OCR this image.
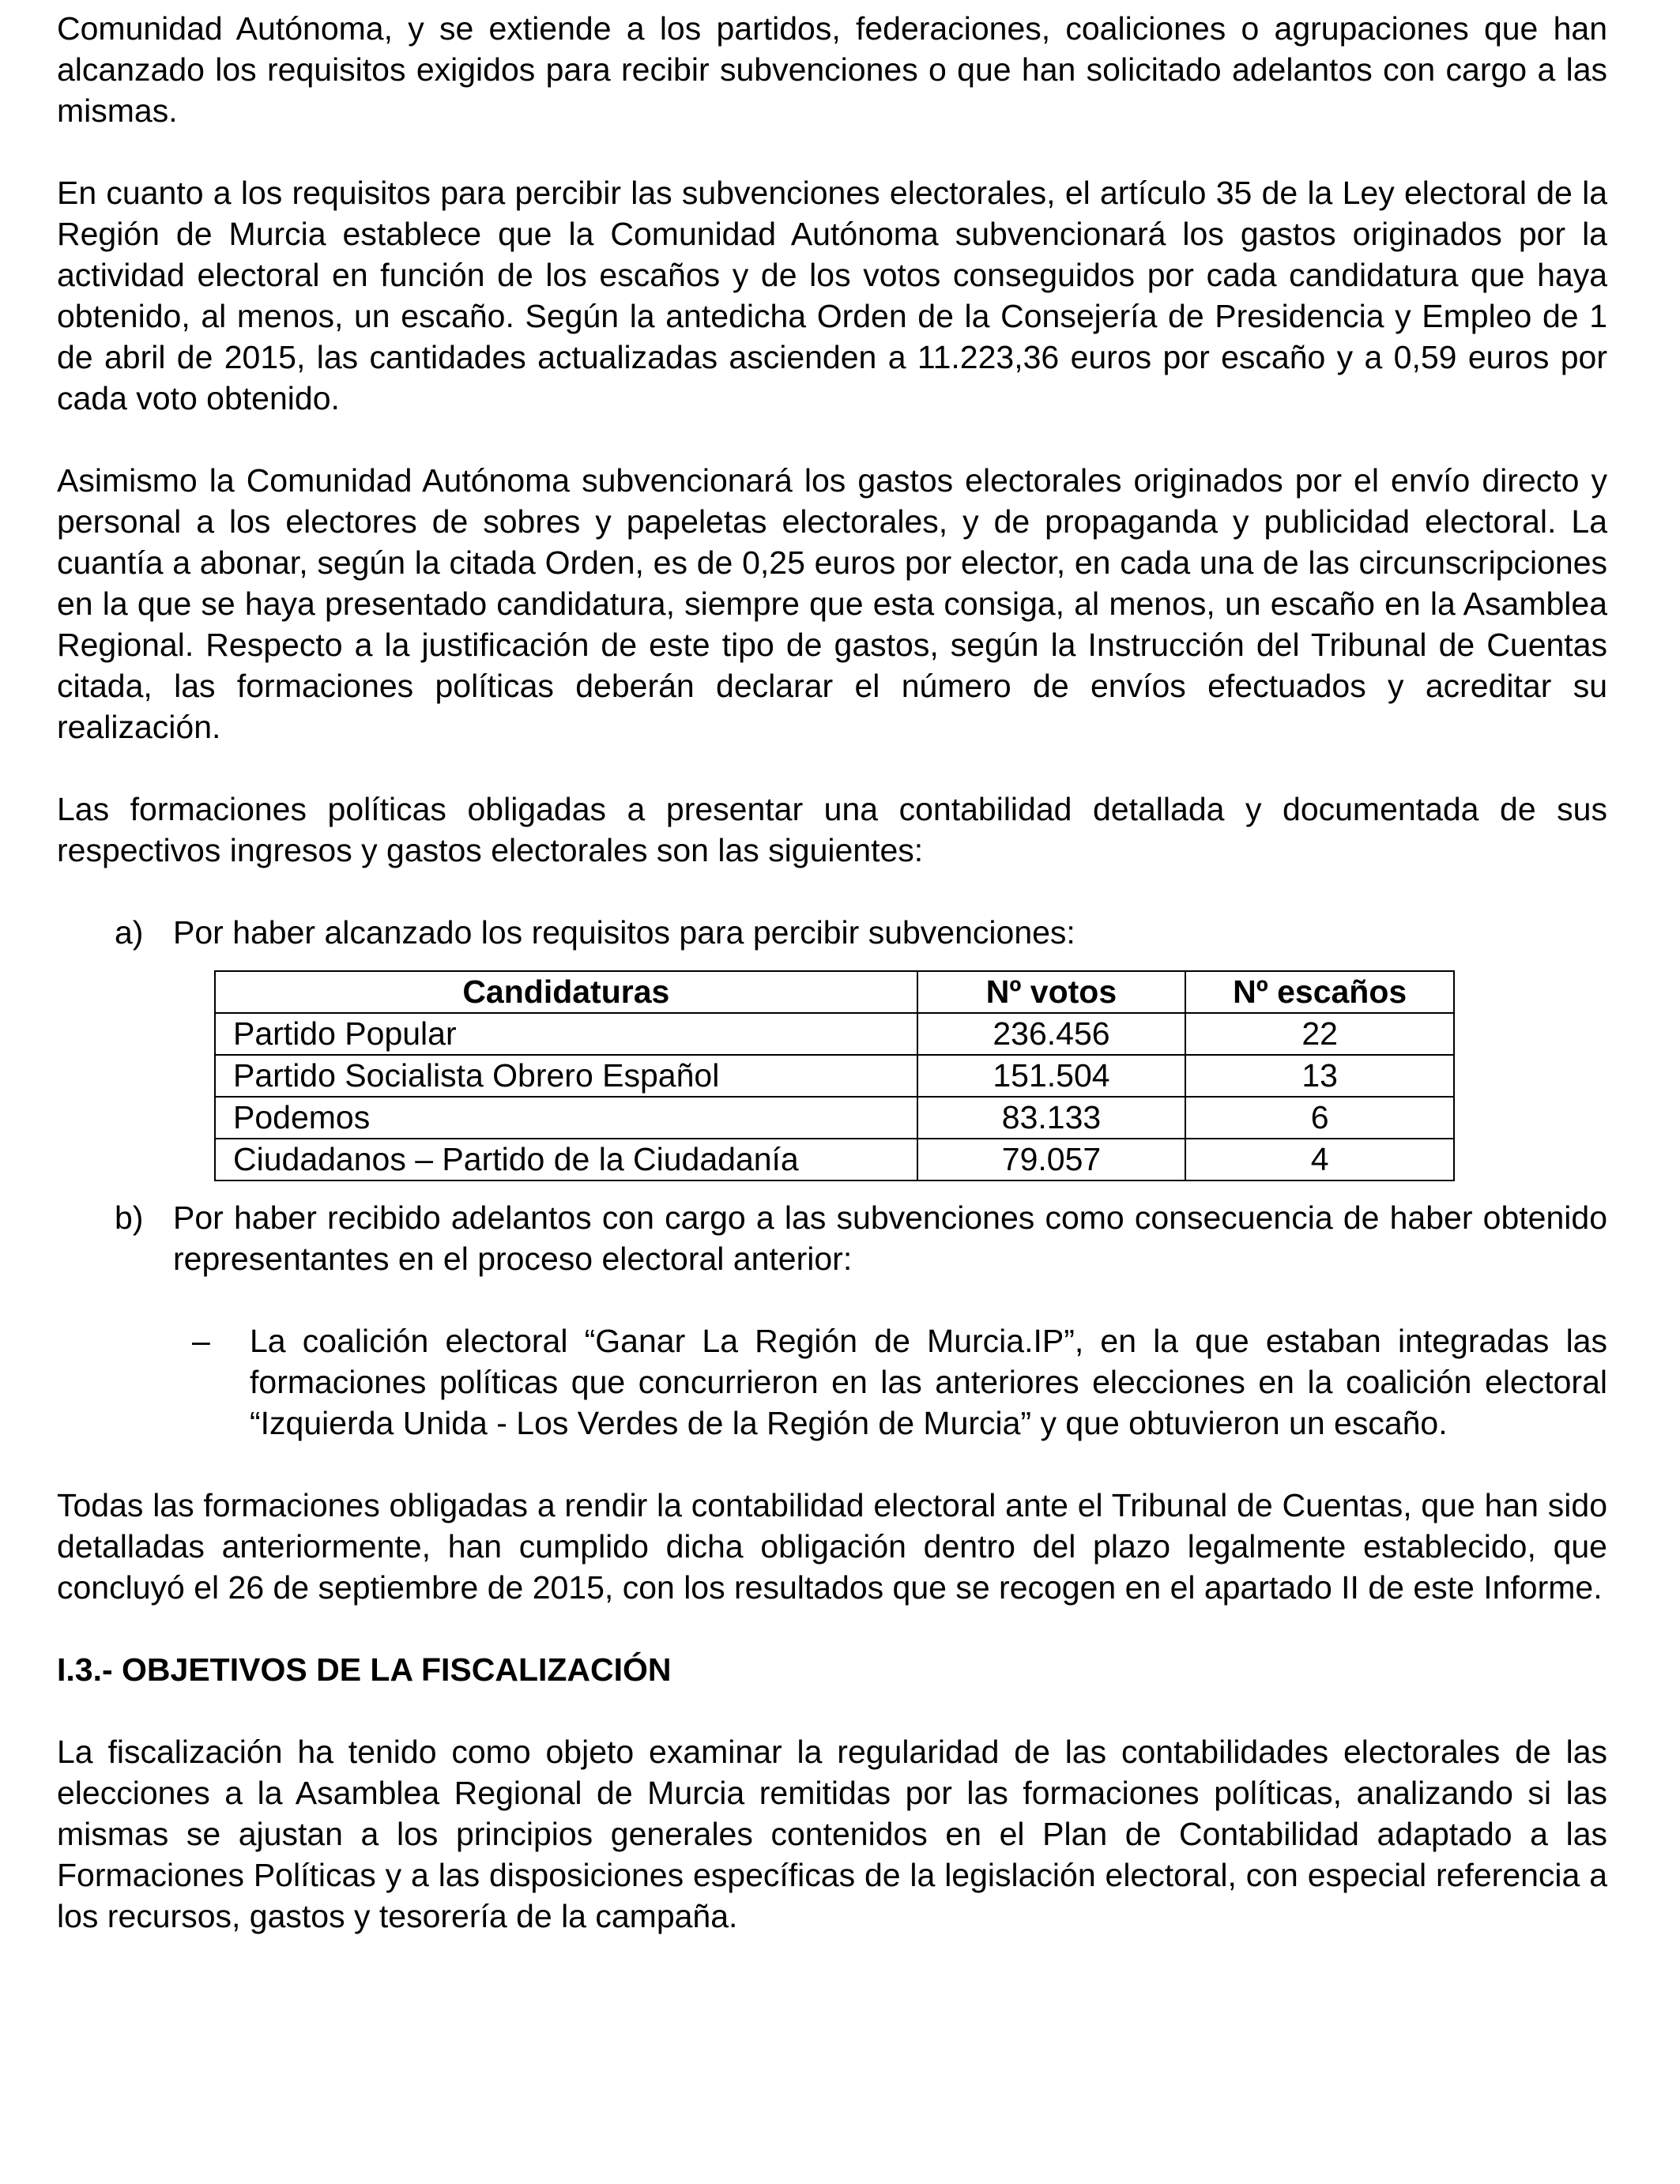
Comunidad Autónoma, y se extiende a los partidos, federaciones, coaliciones o agrupaciones que han alcanzado los requisitos exigidos para recibir subvenciones o que han solicitado adelantos con cargo a las mismas.

En cuanto a los requisitos para percibir las subvenciones electorales, el artículo 35 de la Ley electoral de la Región de Murcia establece que la Comunidad Autónoma subvencionará los gastos originados por la actividad electoral en función de los escaños y de los votos conseguidos por cada candidatura que haya obtenido, al menos, un escaño. Según la antedicha Orden de la Consejería de Presidencia y Empleo de 1 de abril de 2015, las cantidades actualizadas ascienden a 11.223,36 euros por escaño y a 0,59 euros por cada voto obtenido.

Asimismo la Comunidad Autónoma subvencionará los gastos electorales originados por el envío directo y personal a los electores de sobres y papeletas electorales, y de propaganda y publicidad electoral. La cuantía a abonar, según la citada Orden, es de 0,25 euros por elector, en cada una de las circunscripciones en la que se haya presentado candidatura, siempre que esta consiga, al menos, un escaño en la Asamblea Regional. Respecto a la justificación de este tipo de gastos, según la Instrucción del Tribunal de Cuentas citada, las formaciones políticas deberán declarar el número de envíos efectuados y acreditar su realización.

Las formaciones políticas obligadas a presentar una contabilidad detallada y documentada de sus respectivos ingresos y gastos electorales son las siguientes:

a) Por haber alcanzado los requisitos para percibir subvenciones:
Candidaturas	Nº votos	Nº escaños
Partido Popular	236.456	22
Partido Socialista Obrero Español	151.504	13
Podemos	83.133	6
Ciudadanos – Partido de la Ciudadanía	79.057	4
b) Por haber recibido adelantos con cargo a las subvenciones como consecuencia de haber obtenido representantes en el proceso electoral anterior:
–	La coalición electoral “Ganar La Región de Murcia.IP”, en la que estaban integradas las formaciones políticas que concurrieron en las anteriores elecciones en la coalición electoral “Izquierda Unida - Los Verdes de la Región de Murcia” y que obtuvieron un escaño.

Todas las formaciones obligadas a rendir la contabilidad electoral ante el Tribunal de Cuentas, que han sido detalladas anteriormente, han cumplido dicha obligación dentro del plazo legalmente establecido, que concluyó el 26 de septiembre de 2015, con los resultados que se recogen en el apartado II de este Informe.

I.3.- OBJETIVOS DE LA FISCALIZACIÓN

La fiscalización ha tenido como objeto examinar la regularidad de las contabilidades electorales de las elecciones a la Asamblea Regional de Murcia remitidas por las formaciones políticas, analizando si las mismas se ajustan a los principios generales contenidos en el Plan de Contabilidad adaptado a las Formaciones Políticas y a las disposiciones específicas de la legislación electoral, con especial referencia a los recursos, gastos y tesorería de la campaña.
